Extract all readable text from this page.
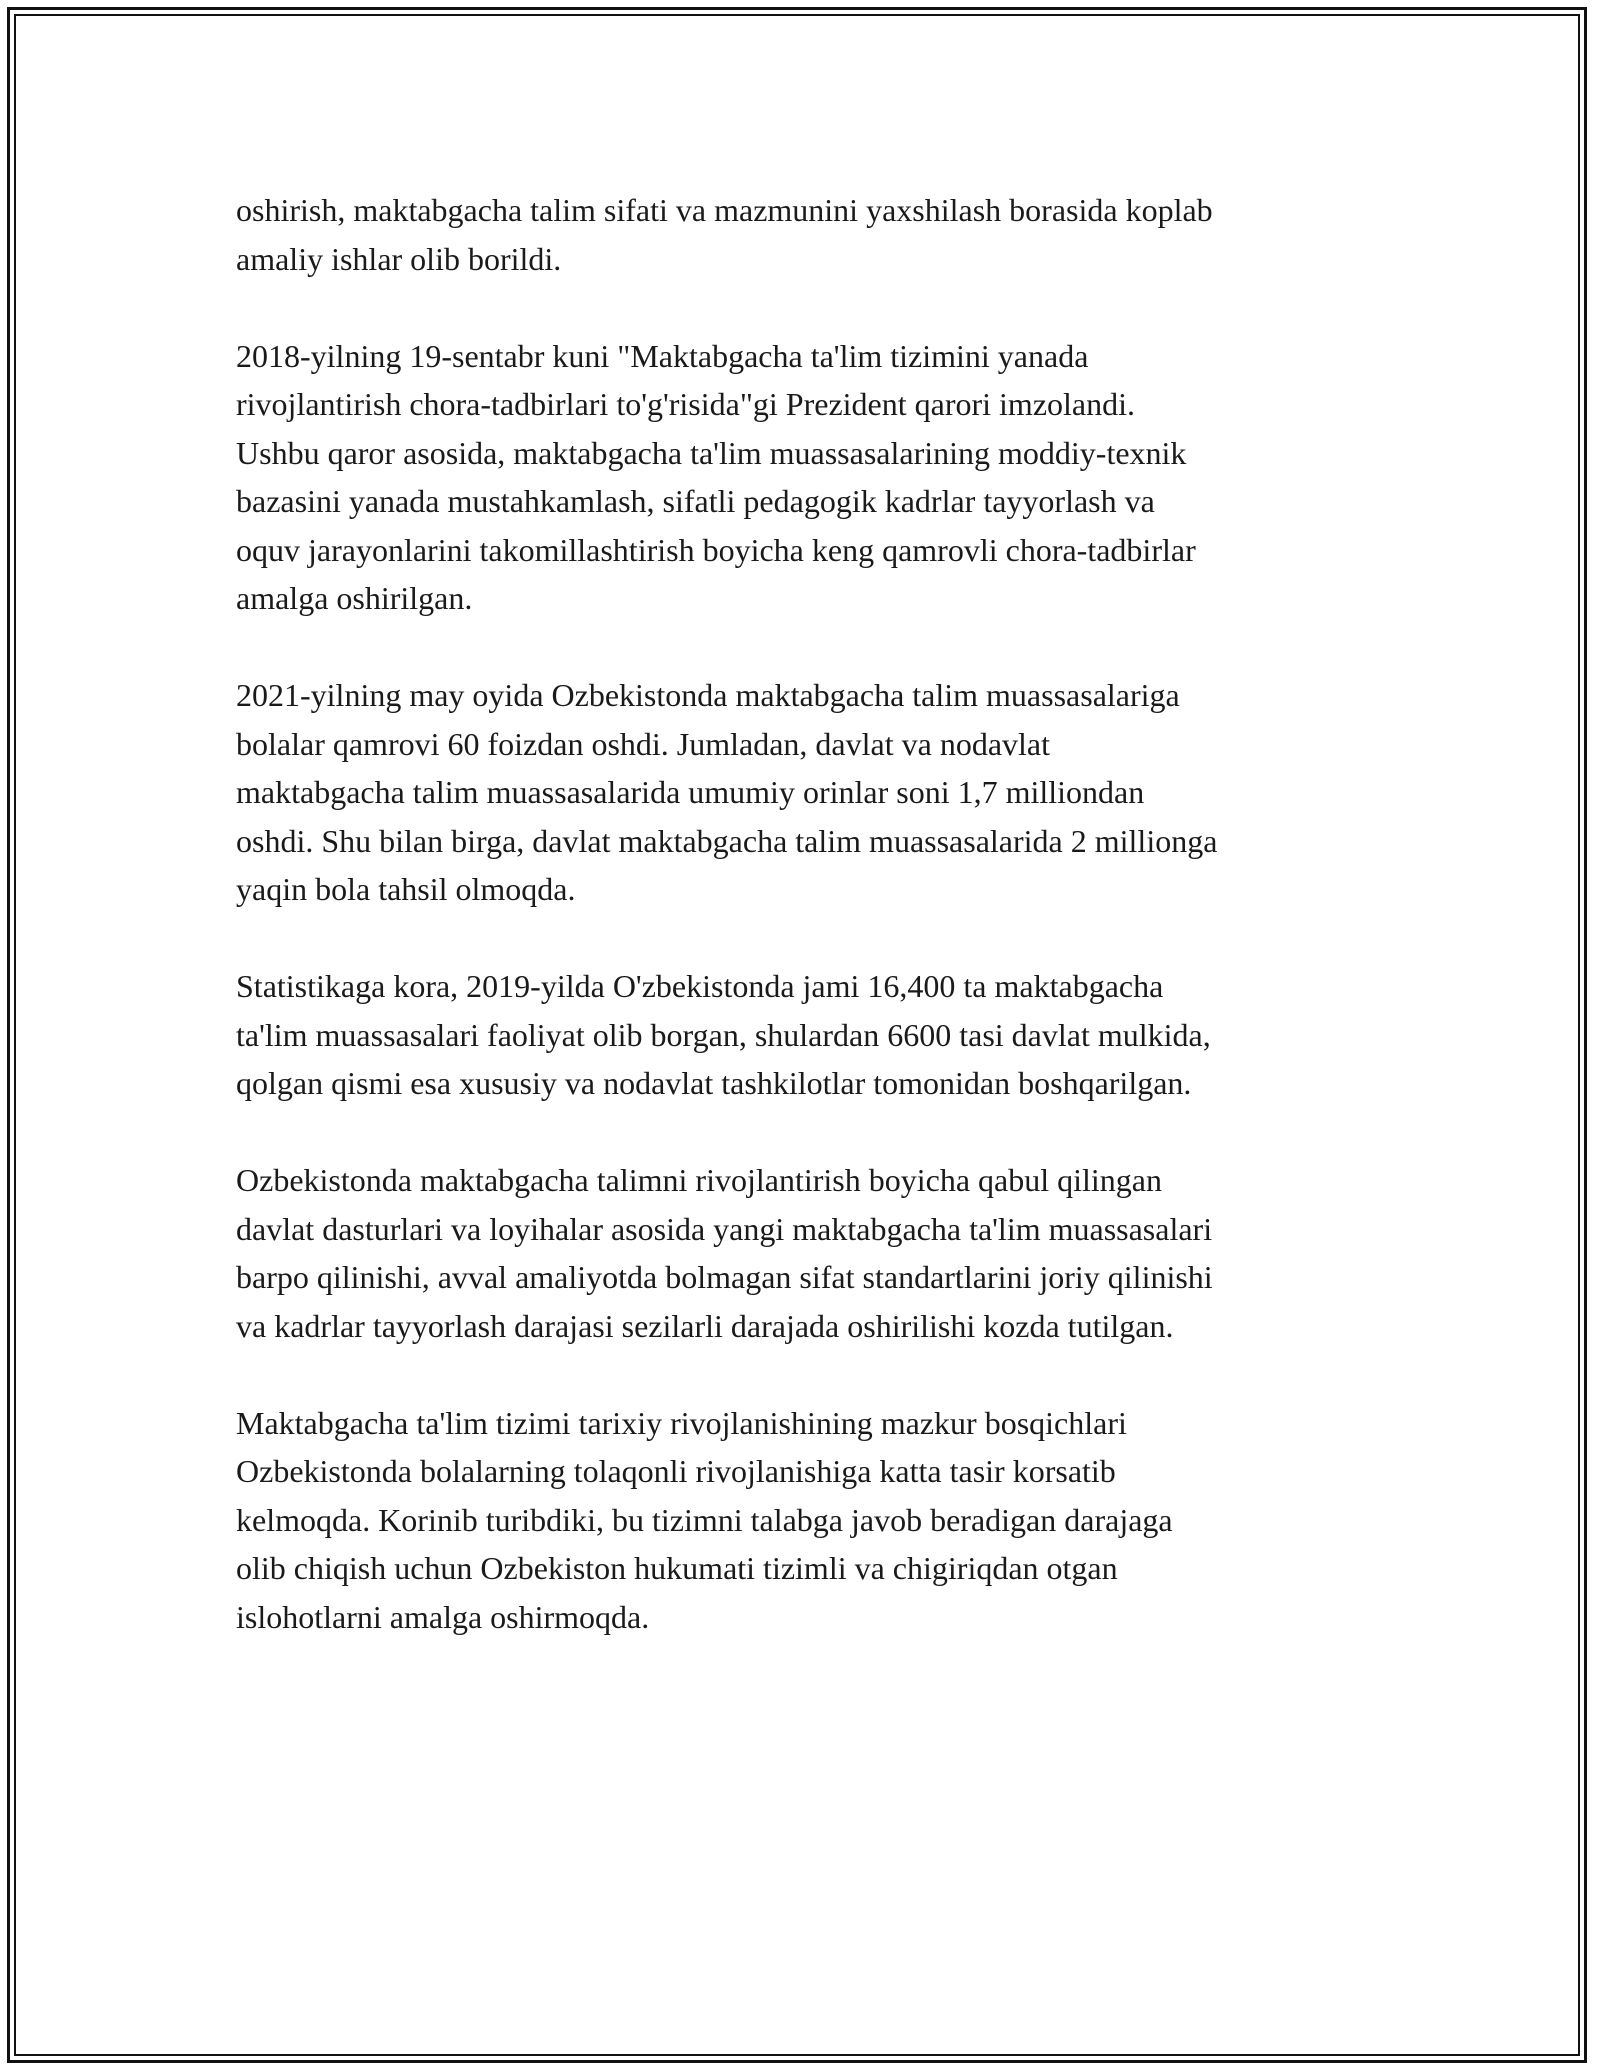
oshirish, maktabgacha talim sifati va mazmunini yaxshilash borasida koplab
amaliy ishlar olib borildi.

2018-yilning 19-sentabr kuni "Maktabgacha ta'lim tizimini yanada
rivojlantirish chora-tadbirlari to'g'risida"gi Prezident qarori imzolandi.
Ushbu qaror asosida, maktabgacha ta'lim muassasalarining moddiy-texnik
bazasini yanada mustahkamlash, sifatli pedagogik kadrlar tayyorlash va
oquv jarayonlarini takomillashtirish boyicha keng qamrovli chora-tadbirlar
amalga oshirilgan.

2021-yilning may oyida Ozbekistonda maktabgacha talim muassasalariga
bolalar qamrovi 60 foizdan oshdi. Jumladan, davlat va nodavlat
maktabgacha talim muassasalarida umumiy orinlar soni 1,7 milliondan
oshdi. Shu bilan birga, davlat maktabgacha talim muassasalarida 2 millionga
yaqin bola tahsil olmoqda.

Statistikaga kora, 2019-yilda O'zbekistonda jami 16,400 ta maktabgacha
ta'lim muassasalari faoliyat olib borgan, shulardan 6600 tasi davlat mulkida,
qolgan qismi esa xususiy va nodavlat tashkilotlar tomonidan boshqarilgan.

Ozbekistonda maktabgacha talimni rivojlantirish boyicha qabul qilingan
davlat dasturlari va loyihalar asosida yangi maktabgacha ta'lim muassasalari
barpo qilinishi, avval amaliyotda bolmagan sifat standartlarini joriy qilinishi
va kadrlar tayyorlash darajasi sezilarli darajada oshirilishi kozda tutilgan.

Maktabgacha ta'lim tizimi tarixiy rivojlanishining mazkur bosqichlari
Ozbekistonda bolalarning tolaqonli rivojlanishiga katta tasir korsatib
kelmoqda. Korinib turibdiki, bu tizimni talabga javob beradigan darajaga
olib chiqish uchun Ozbekiston hukumati tizimli va chigiriqdan otgan
islohotlarni amalga oshirmoqda.
